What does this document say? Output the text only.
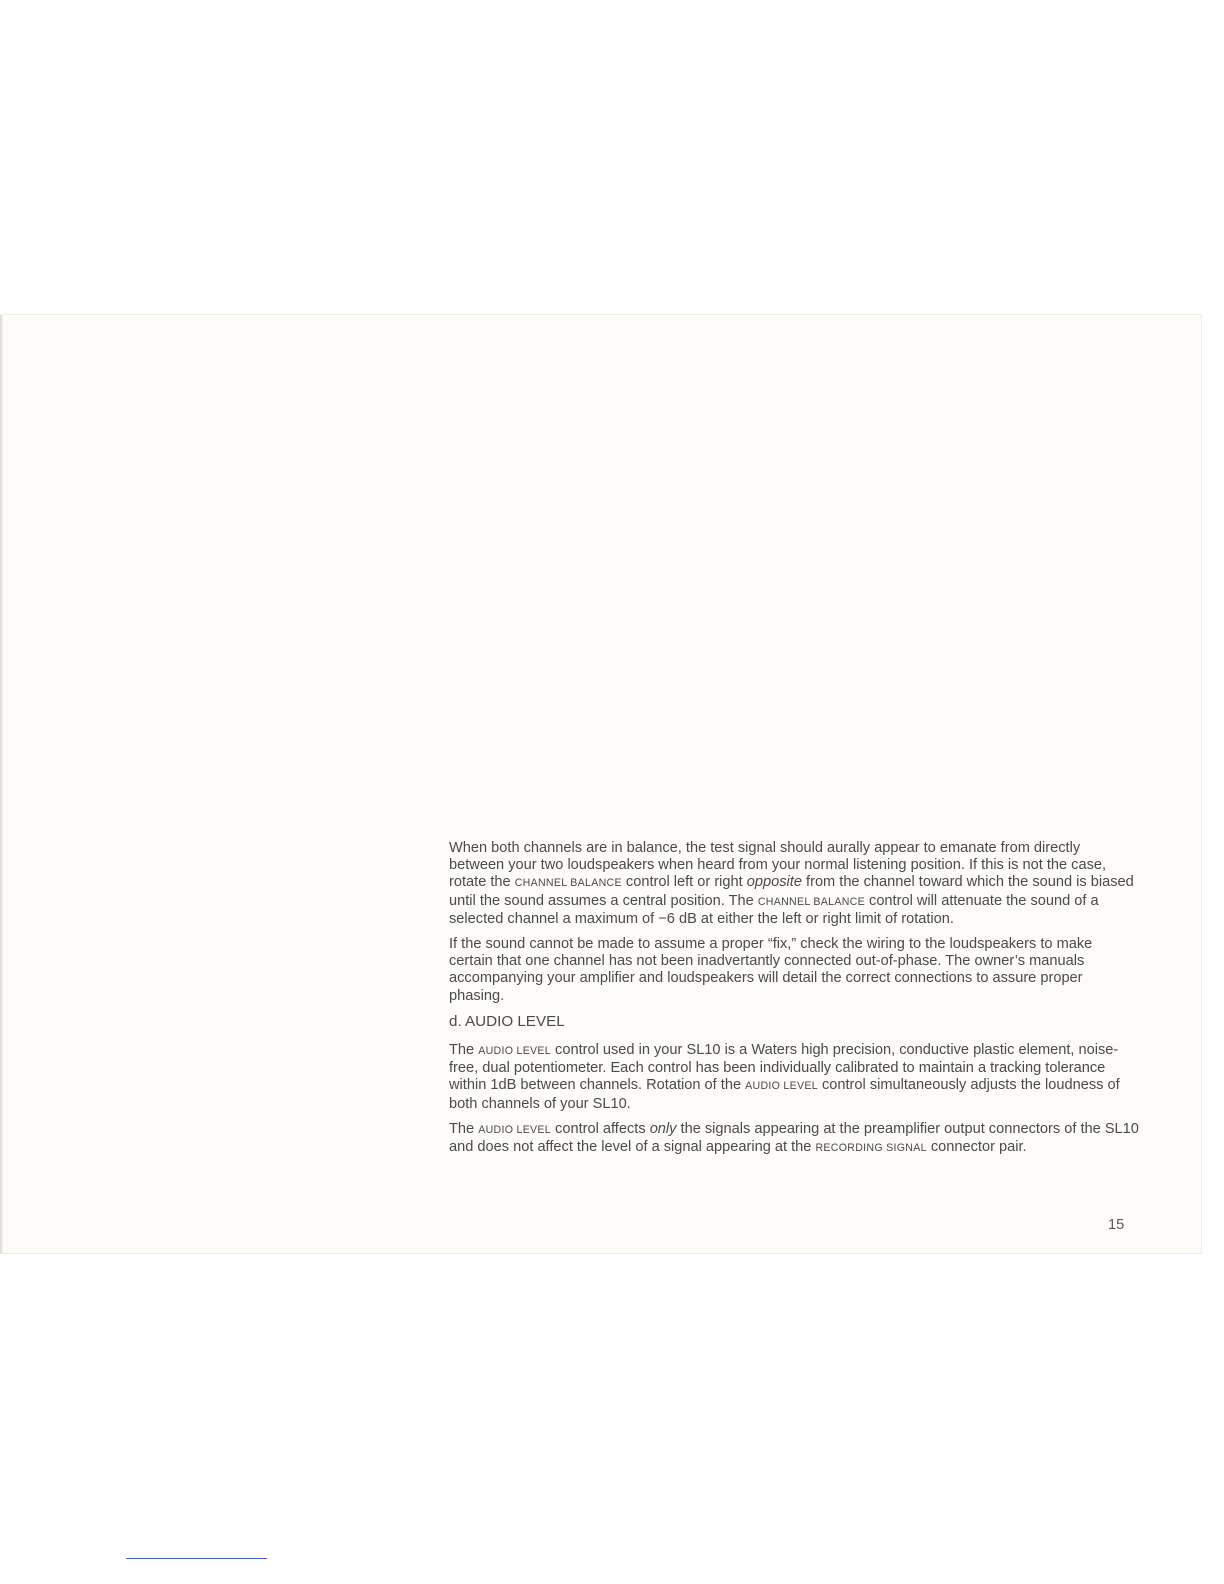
When both channels are in balance, the test signal should aurally appear to emanate from directly between your two loudspeakers when heard from your normal listening position. If this is not the case, rotate the CHANNEL BALANCE control left or right opposite from the channel toward which the sound is biased until the sound assumes a central position. The CHANNEL BALANCE control will attenuate the sound of a selected channel a maximum of −6 dB at either the left or right limit of rotation.

If the sound cannot be made to assume a proper “fix,” check the wiring to the loudspeakers to make certain that one channel has not been inadvertantly connected out-of-phase. The owner’s manuals accompanying your amplifier and loudspeakers will detail the correct connections to assure proper phasing.

d. AUDIO LEVEL

The AUDIO LEVEL control used in your SL10 is a Waters high precision, conductive plastic element, noise-free, dual potentiometer. Each control has been individually calibrated to maintain a tracking tolerance within 1dB between channels. Rotation of the AUDIO LEVEL control simultaneously adjusts the loudness of both channels of your SL10.

The AUDIO LEVEL control affects only the signals appearing at the preamplifier output connectors of the SL10 and does not affect the level of a signal appearing at the RECORDING SIGNAL connector pair.

15
